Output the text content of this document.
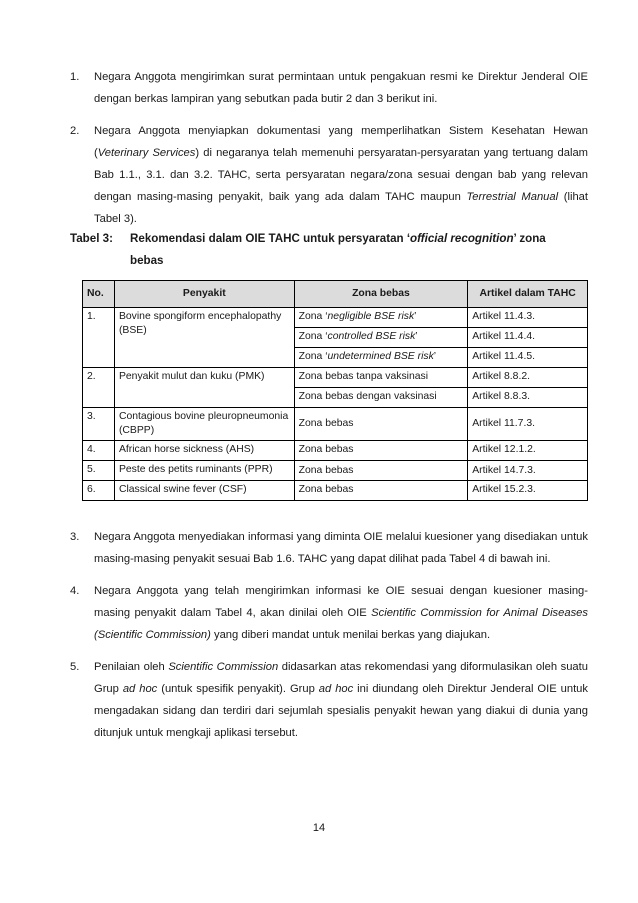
1.	Negara Anggota mengirimkan surat permintaan untuk pengakuan resmi ke Direktur Jenderal OIE dengan berkas lampiran yang sebutkan pada butir 2 dan 3 berikut ini.
2.	Negara Anggota menyiapkan dokumentasi yang memperlihatkan Sistem Kesehatan Hewan (Veterinary Services) di negaranya telah memenuhi persyaratan-persyaratan yang tertuang dalam Bab 1.1., 3.1. dan 3.2. TAHC, serta persyaratan negara/zona sesuai dengan bab yang relevan dengan masing-masing penyakit, baik yang ada dalam TAHC maupun Terrestrial Manual (lihat Tabel 3).
Tabel 3: Rekomendasi dalam OIE TAHC untuk persyaratan ‘official recognition’ zona
bebas
No.	Penyakit	Zona bebas	Artikel dalam TAHC
1.	Bovine spongiform encephalopathy (BSE)	Zona ‘negligible BSE risk’	Artikel 11.4.3.
		Zona ‘controlled BSE risk’	Artikel 11.4.4.
		Zona ‘undetermined BSE risk’	Artikel 11.4.5.
2.	Penyakit mulut dan kuku (PMK)	Zona bebas tanpa vaksinasi	Artikel 8.8.2.
		Zona bebas dengan vaksinasi	Artikel 8.8.3.
3.	Contagious bovine pleuropneumonia (CBPP)	Zona bebas	Artikel 11.7.3.
4.	African horse sickness (AHS)	Zona bebas	Artikel 12.1.2.
5.	Peste des petits ruminants (PPR)	Zona bebas	Artikel 14.7.3.
6.	Classical swine fever (CSF)	Zona bebas	Artikel 15.2.3.
3.	Negara Anggota menyediakan informasi yang diminta OIE melalui kuesioner yang disediakan untuk masing-masing penyakit sesuai Bab 1.6. TAHC yang dapat dilihat pada Tabel 4 di bawah ini.
4.	Negara Anggota yang telah mengirimkan informasi ke OIE sesuai dengan kuesioner masing-masing penyakit dalam Tabel 4, akan dinilai oleh OIE Scientific Commission for Animal Diseases (Scientific Commission) yang diberi mandat untuk menilai berkas yang diajukan.
5.	Penilaian oleh Scientific Commission didasarkan atas rekomendasi yang diformulasikan oleh suatu Grup ad hoc (untuk spesifik penyakit). Grup ad hoc ini diundang oleh Direktur Jenderal OIE untuk mengadakan sidang dan terdiri dari sejumlah spesialis penyakit hewan yang diakui di dunia yang ditunjuk untuk mengkaji aplikasi tersebut.
14
